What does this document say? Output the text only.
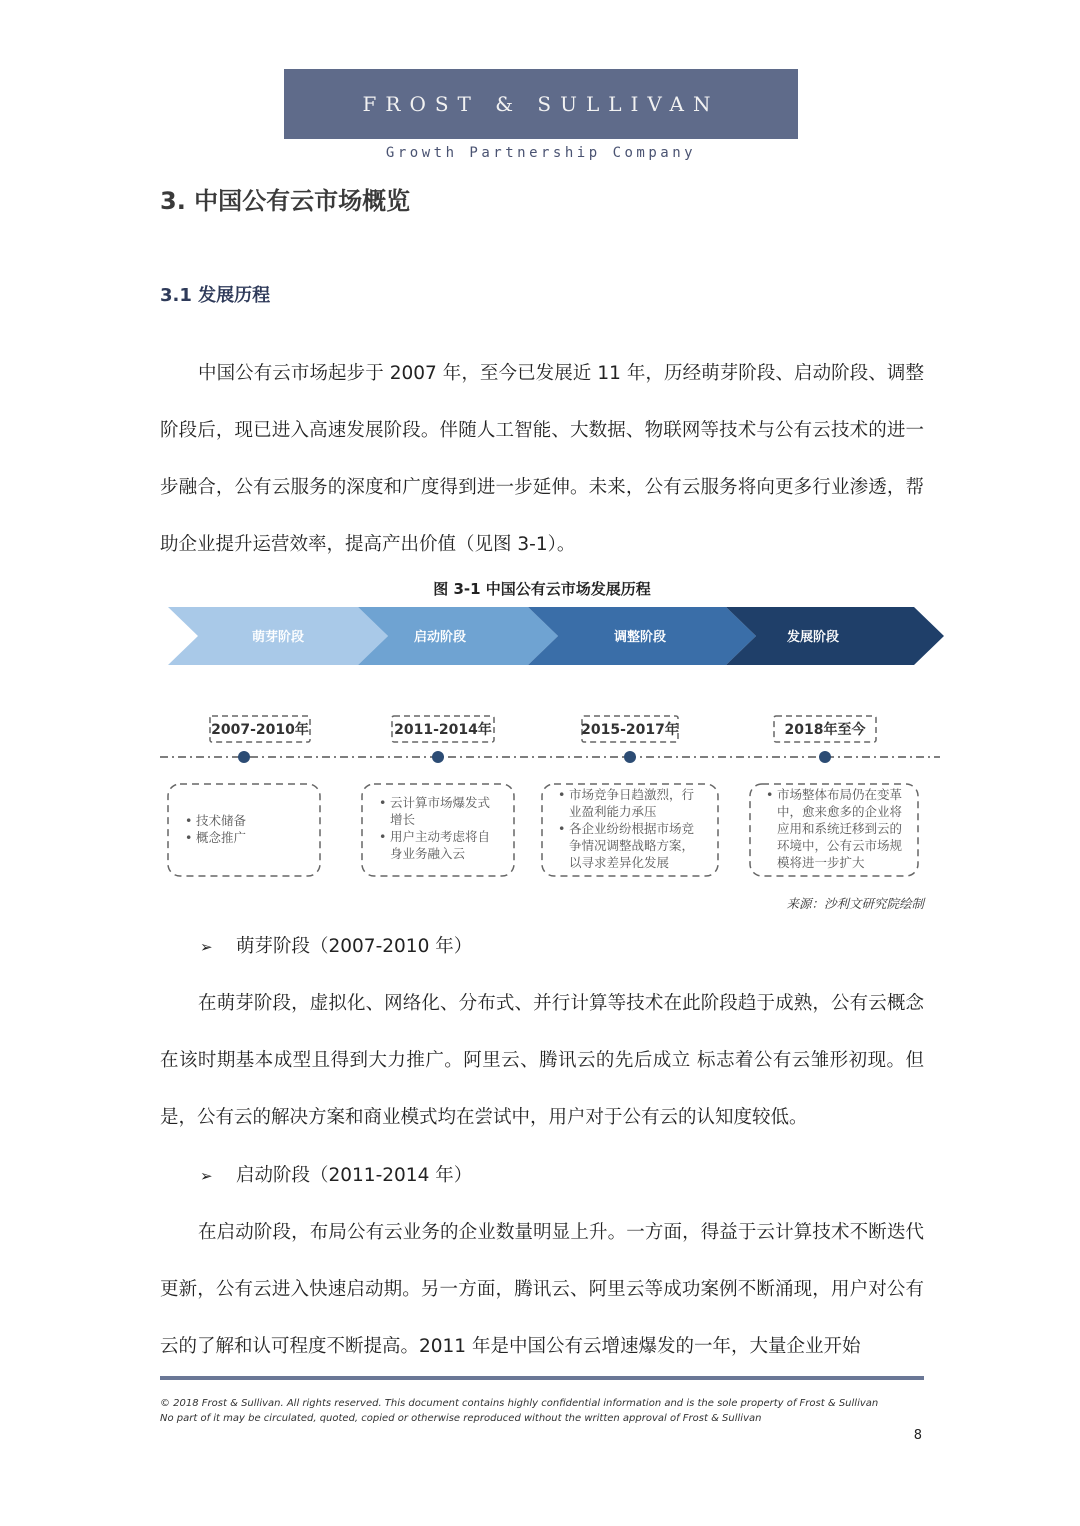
FROST & SULLIVAN
Growth Partnership Company
3. 中国公有云市场概览
3.1 发展历程

中国公有云市场起步于 2007 年，至今已发展近 11 年，历经萌芽阶段、启动阶段、调整阶段后，现已进入高速发展阶段。伴随人工智能、大数据、物联网等技术与公有云技术的进一步融合，公有云服务的深度和广度得到进一步延伸。未来，公有云服务将向更多行业渗透，帮助企业提升运营效率，提高产出价值（见图 3-1）。

图 3-1 中国公有云市场发展历程
萌芽阶段	启动阶段	调整阶段	发展阶段
2007-2010年	2011-2014年	2015-2017年	2018年至今
• 技术储备
• 概念推广
• 云计算市场爆发式增长
• 用户主动考虑将自身业务融入云
• 市场竞争日趋激烈，行业盈利能力承压
• 各企业纷纷根据市场竞争情况调整战略方案，以寻求差异化发展
• 市场整体布局仍在变革中，愈来愈多的企业将应用和系统迁移到云的环境中，公有云市场规模将进一步扩大
来源：沙利文研究院绘制
➢ 萌芽阶段（2007-2010 年）

在萌芽阶段，虚拟化、网络化、分布式、并行计算等技术在此阶段趋于成熟，公有云概念在该时期基本成型且得到大力推广。阿里云、腾讯云的先后成立 标志着公有云雏形初现。但是，公有云的解决方案和商业模式均在尝试中，用户对于公有云的认知度较低。

➢ 启动阶段（2011-2014 年）

在启动阶段，布局公有云业务的企业数量明显上升。一方面，得益于云计算技术不断迭代更新，公有云进入快速启动期。另一方面，腾讯云、阿里云等成功案例不断涌现，用户对公有云的了解和认可程度不断提高。2011 年是中国公有云增速爆发的一年，大量企业开始

© 2018 Frost & Sullivan. All rights reserved. This document contains highly confidential information and is the sole property of Frost & Sullivan
No part of it may be circulated, quoted, copied or otherwise reproduced without the written approval of Frost & Sullivan
8
